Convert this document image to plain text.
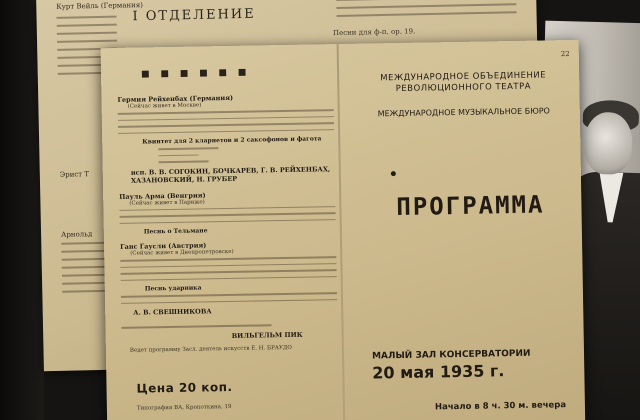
Курт Вейль (Германия)
I ОТДЕЛЕНИЕ
Песни для ф-п. op. 19.
Эрист Т
Арнольд
22
■ ■ ■ ■ ■ ■

Гермия Рейхенбах (Германия)

(Сейчас живет в Москве)

Квинтет для 2 кларнетов и 2 саксофонов и фагота

исп. В. В. СОГОКИН, БОЧКАРЕВ, Г. В. РЕЙХЕНБАХ, ХАЗАНОВСКИЙ, Н. ГРУБЕР

Пауль Арма (Венгрия)

(Сейчас живет в Париже)

Песнь о Тельмане

Ганс Гаусли (Австрия)

(Сейчас живет в Днепропетровске)

Песнь ударника

А. В. СВЕШНИКОВА

ВИЛЬГЕЛЬМ ПИК

Ведет программу Засл. деятель искусств Е. Н. БРАУДО

Цена 20 коп.
Типография ВА, Кропоткина, 19
МЕЖДУНАРОДНОЕ ОБЪЕДИНЕНИЕ РЕВОЛЮЦИОННОГО ТЕАТРА
МЕЖДУНАРОДНОЕ МУЗЫКАЛЬНОЕ БЮРО
ПРОГРАММА
МАЛЫЙ ЗАЛ КОНСЕРВАТОРИИ
20 мая 1935 г.
Начало в 8 ч. 30 м. вечера
